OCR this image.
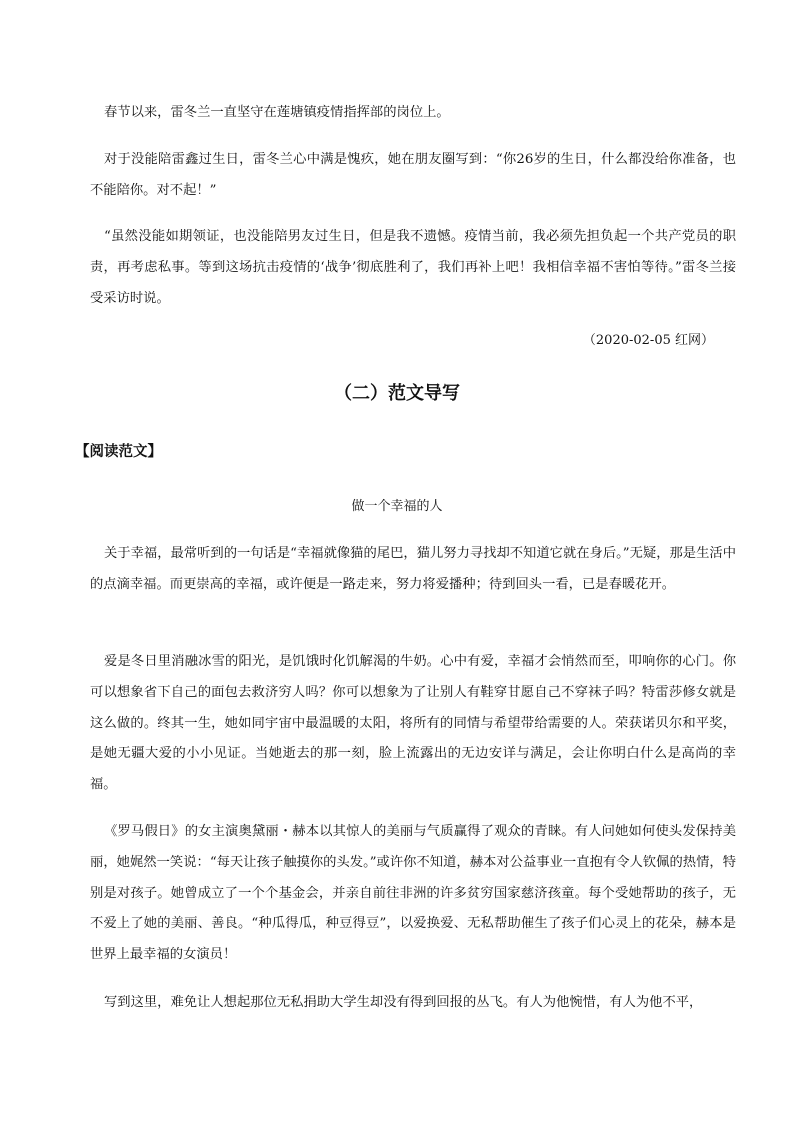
春节以来，雷冬兰一直坚守在莲塘镇疫情指挥部的岗位上。

对于没能陪雷鑫过生日，雷冬兰心中满是愧疚，她在朋友圈写到：“你26岁的生日，什么都没给你准备，也不能陪你。对不起！”

“虽然没能如期领证，也没能陪男友过生日，但是我不遗憾。疫情当前，我必须先担负起一个共产党员的职责，再考虑私事。等到这场抗击疫情的‘战争’彻底胜利了，我们再补上吧！我相信幸福不害怕等待。”雷冬兰接受采访时说。

（2020-02-05 红网）

（二）范文导写

【阅读范文】

做一个幸福的人

关于幸福，最常听到的一句话是“幸福就像猫的尾巴，猫儿努力寻找却不知道它就在身后。”无疑，那是生活中的点滴幸福。而更崇高的幸福，或许便是一路走来，努力将爱播种；待到回头一看，已是春暖花开。

爱是冬日里消融冰雪的阳光，是饥饿时化饥解渴的牛奶。心中有爱，幸福才会悄然而至，叩响你的心门。你可以想象省下自己的面包去救济穷人吗？你可以想象为了让别人有鞋穿甘愿自己不穿袜子吗？特雷莎修女就是这么做的。终其一生，她如同宇宙中最温暖的太阳，将所有的同情与希望带给需要的人。荣获诺贝尔和平奖，是她无疆大爱的小小见证。当她逝去的那一刻，脸上流露出的无边安详与满足，会让你明白什么是高尚的幸福。

《罗马假日》的女主演奥黛丽・赫本以其惊人的美丽与气质赢得了观众的青睐。有人问她如何使头发保持美丽，她娓然一笑说：“每天让孩子触摸你的头发。”或许你不知道，赫本对公益事业一直抱有令人钦佩的热情，特别是对孩子。她曾成立了一个个基金会，并亲自前往非洲的许多贫穷国家慈济孩童。每个受她帮助的孩子，无不爱上了她的美丽、善良。“种瓜得瓜，种豆得豆”，以爱换爱、无私帮助催生了孩子们心灵上的花朵，赫本是世界上最幸福的女演员！

写到这里，难免让人想起那位无私捐助大学生却没有得到回报的丛飞。有人为他惋惜，有人为他不平，
